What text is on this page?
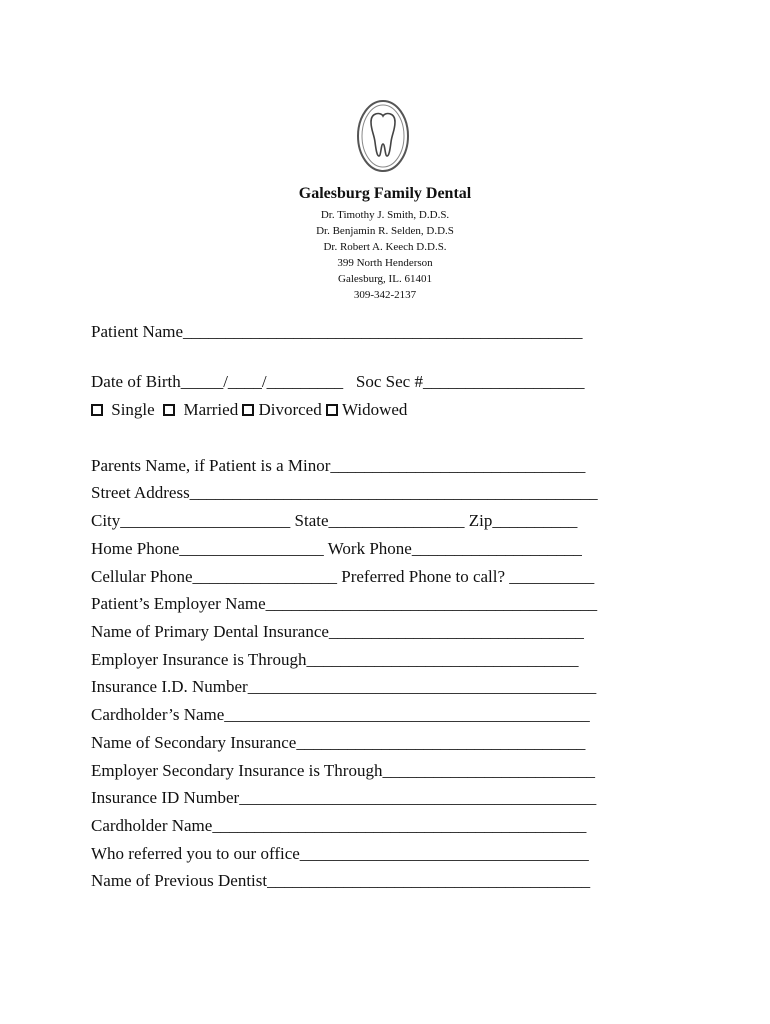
Galesburg Family Dental
Dr. Timothy J. Smith, D.D.S.
Dr. Benjamin R. Selden, D.D.S
Dr. Robert A. Keech D.D.S.
399 North Henderson
Galesburg, IL. 61401
309-342-2137
Patient Name_______________________________________________
Date of Birth_____/____/_________   Soc Sec #___________________

Single

Married
Divorced
Widowed
Parents Name, if Patient is a Minor______________________________
Street Address________________________________________________
City____________________ State________________ Zip__________
Home Phone_________________ Work Phone____________________
Cellular Phone_________________ Preferred Phone to call? __________
Patient’s Employer Name_______________________________________
Name of Primary Dental Insurance______________________________
Employer Insurance is Through________________________________
Insurance I.D. Number_________________________________________
Cardholder’s Name___________________________________________
Name of Secondary Insurance__________________________________
Employer Secondary Insurance is Through_________________________
Insurance ID Number__________________________________________
Cardholder Name____________________________________________
Who referred you to our office__________________________________
Name of Previous Dentist______________________________________
